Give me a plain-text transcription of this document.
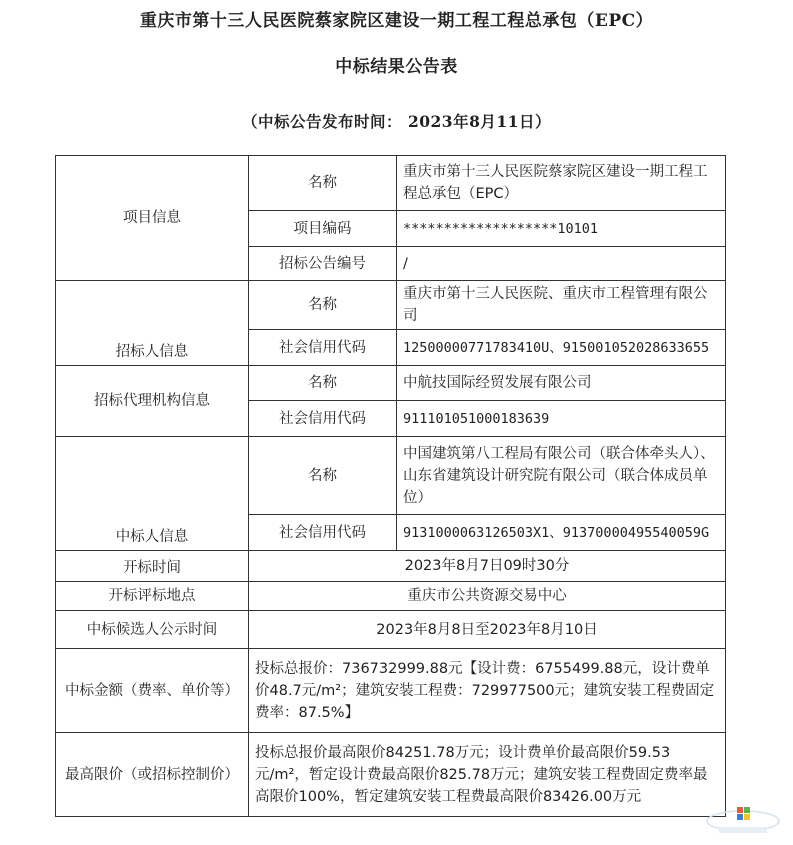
重庆市第十三人民医院蔡家院区建设一期工程工程总承包（EPC）
中标结果公告表
（中标公告发布时间： 2023年8月11日）
项目信息	名称	重庆市第十三人民医院蔡家院区建设一期工程工程总承包（EPC）
	项目编码	*******************10101
	招标公告编号	/
招标人信息	名称	重庆市第十三人民医院、重庆市工程管理有限公司
	社会信用代码	12500000771783410U、915001052028633655
招标代理机构信息	名称	中航技国际经贸发展有限公司
	社会信用代码	911101051000183639
中标人信息	名称	中国建筑第八工程局有限公司（联合体牵头人）、山东省建筑设计研究院有限公司（联合体成员单位）
	社会信用代码	9131000063126503X1、91370000495540059G
开标时间	2023年8月7日09时30分	
开标评标地点	重庆市公共资源交易中心	
中标候选人公示时间	2023年8月8日至2023年8月10日	
中标金额（费率、单价等）	投标总报价：736732999.88元【设计费：6755499.88元，设计费单价48.7元/m²；建筑安装工程费：729977500元；建筑安装工程费固定费率：87.5%】	
最高限价（或招标控制价）	投标总报价最高限价84251.78万元；设计费单价最高限价59.53元/m²，暂定设计费最高限价825.78万元；建筑安装工程费固定费率最高限价100%，暂定建筑安装工程费最高限价83426.00万元	
